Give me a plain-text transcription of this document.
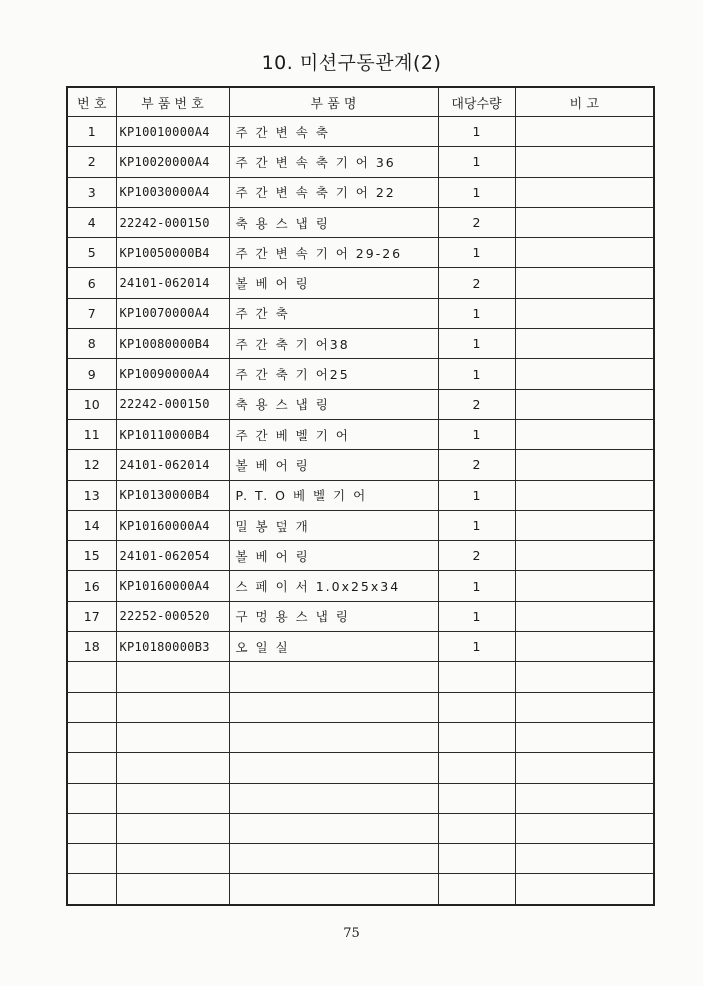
10. 미션구동관계(2)
번 호	부 품 번 호	부 품 명	대당수량	비 고
1	KP10010000A4	주 간 변 속 축	1	
2	KP10020000A4	주 간 변 속 축 기 어 36	1	
3	KP10030000A4	주 간 변 속 축 기 어 22	1	
4	22242-000150	축 용 스 냅 링	2	
5	KP10050000B4	주 간 변 속 기 어 29-26	1	
6	24101-062014	볼 베 어 링	2	
7	KP10070000A4	주 간 축	1	
8	KP10080000B4	주 간 축 기 어38	1	
9	KP10090000A4	주 간 축 기 어25	1	
10	22242-000150	축 용 스 냅 링	2	
11	KP10110000B4	주 간 베 벨 기 어	1	
12	24101-062014	볼 베 어 링	2	
13	KP10130000B4	P. T. O 베 벨 기 어	1	
14	KP10160000A4	밀 봉 덮 개	1	
15	24101-062054	볼 베 어 링	2	
16	KP10160000A4	스 페 이 서 1.0x25x34	1	
17	22252-000520	구 멍 용 스 냅 링	1	
18	KP10180000B3	오 일 실	1	

75
